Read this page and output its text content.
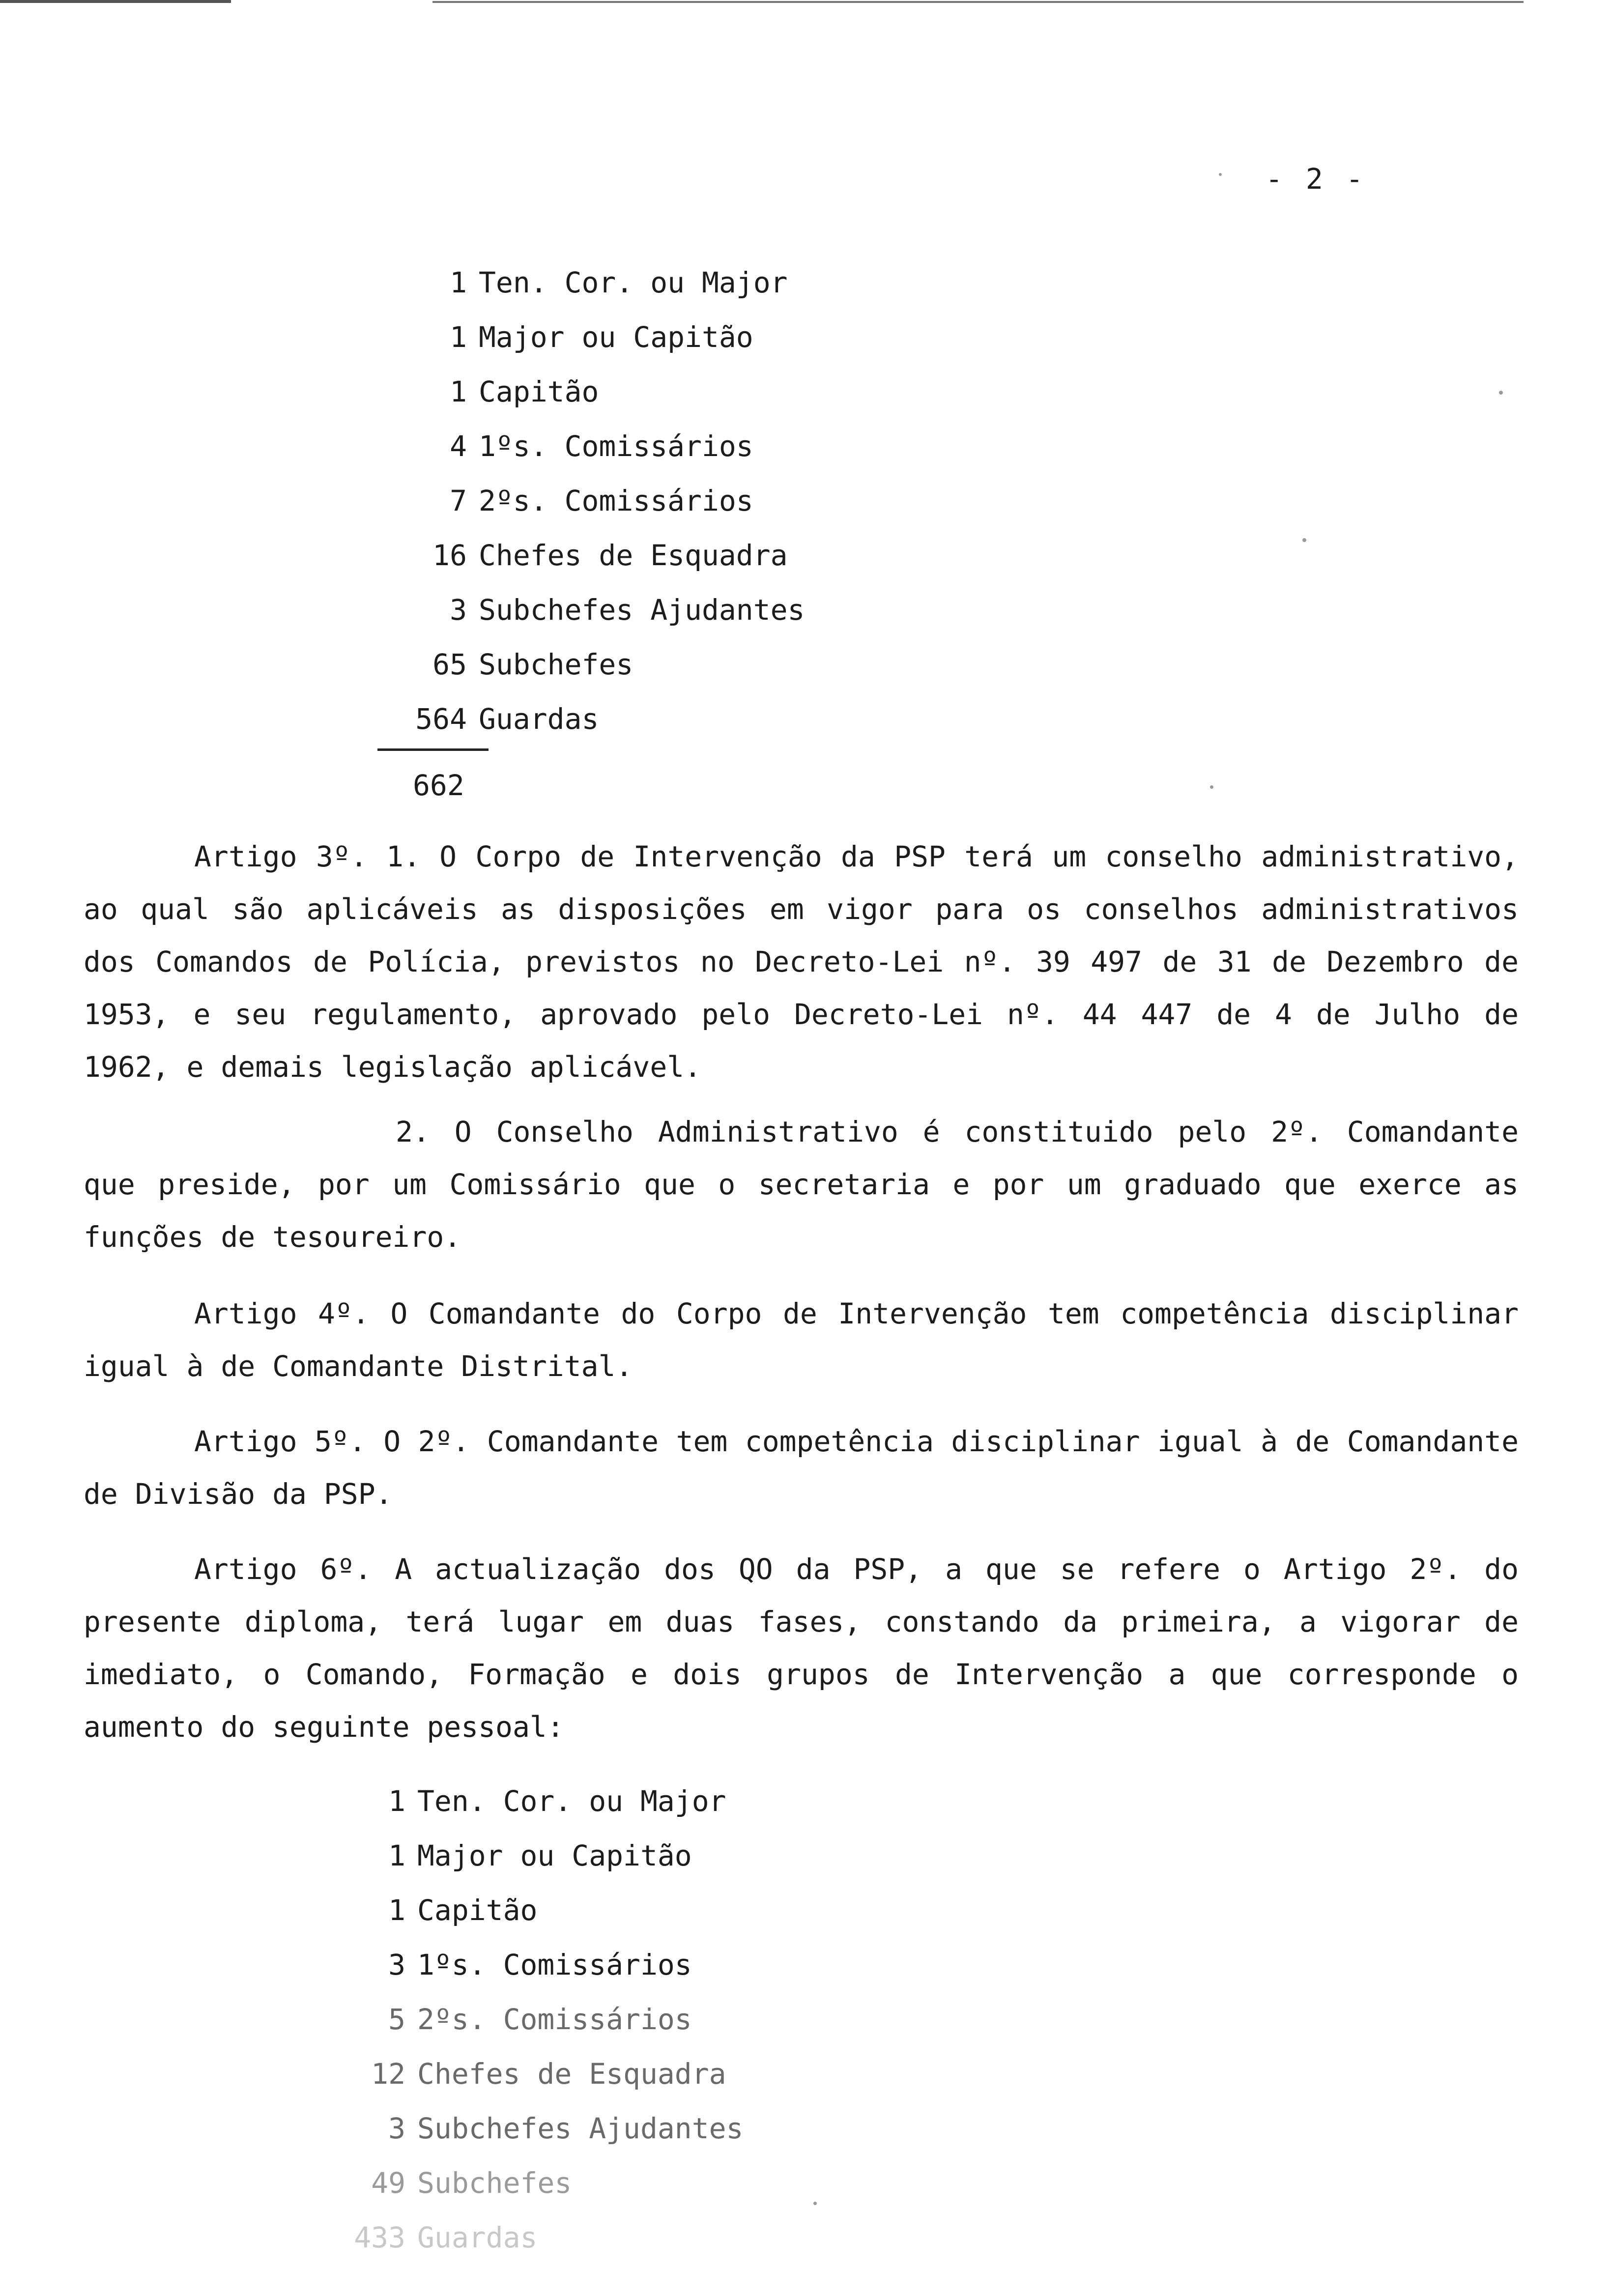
- 2 -
1 Ten. Cor. ou Major
1 Major ou Capitão
1 Capitão
4 1ºs. Comissários
7 2ºs. Comissários
16 Chefes de Esquadra
3 Subchefes Ajudantes
65 Subchefes
564 Guardas
662

Artigo 3º. 1. O Corpo de Intervenção da PSP terá um conselho administrativo, ao qual são aplicáveis as disposições em vigor para os conselhos administrativos dos Comandos de Polícia, previstos no Decreto-Lei nº. 39 497 de 31 de Dezembro de 1953, e seu regulamento, aprovado pelo Decreto-Lei nº. 44 447 de 4 de Julho de 1962, e demais legislação aplicável.

2. O Conselho Administrativo é constituido pelo 2º. Comandante que preside, por um Comissário que o secretaria e por um graduado que exerce as funções de tesoureiro.

Artigo 4º. O Comandante do Corpo de Intervenção tem competência disciplinar igual à de Comandante Distrital.

Artigo 5º. O 2º. Comandante tem competência disciplinar igual à de Comandante de Divisão da PSP.

Artigo 6º. A actualização dos QO da PSP, a que se refere o Artigo 2º. do presente diploma, terá lugar em duas fases, constando da primeira, a vigorar de imediato, o Comando, Formação e dois grupos de Intervenção a que corresponde o aumento do seguinte pessoal:

1 Ten. Cor. ou Major
1 Major ou Capitão
1 Capitão
3 1ºs. Comissários
5 2ºs. Comissários
12 Chefes de Esquadra
3 Subchefes Ajudantes
49 Subchefes
433 Guardas
